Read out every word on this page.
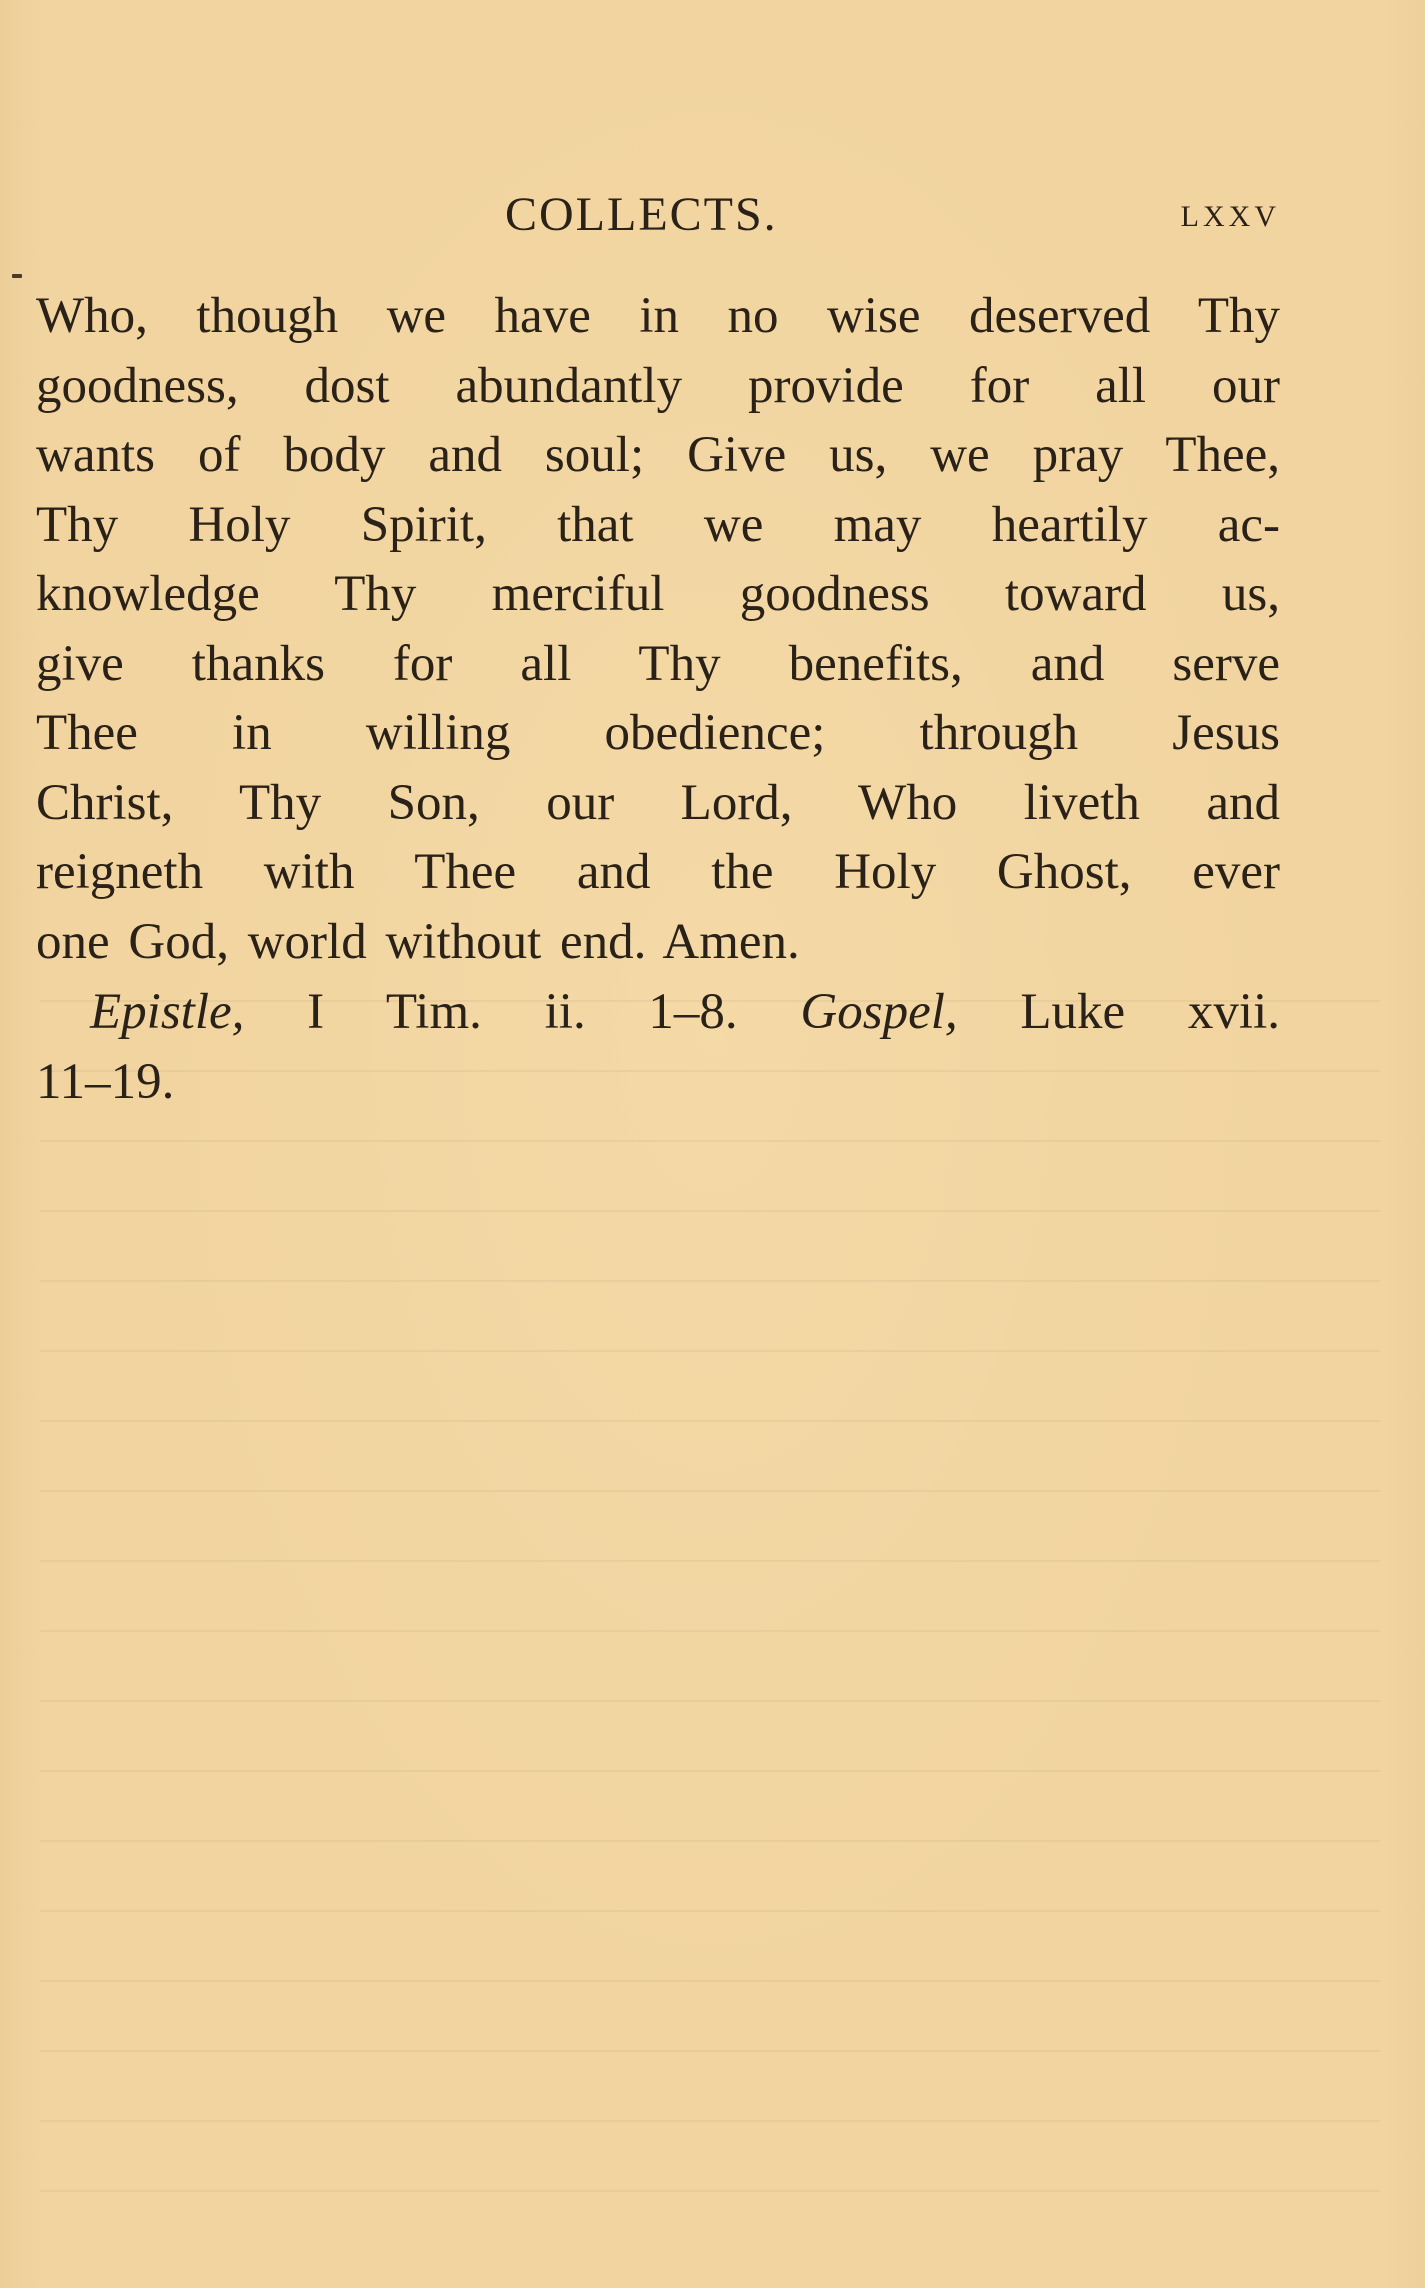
COLLECTS.	LXXV
Who, though we have in no wise deserved Thy
goodness, dost abundantly provide for all our
wants of body and soul; Give us, we pray Thee,
Thy Holy Spirit, that we may heartily ac-
knowledge Thy merciful goodness toward us,
give thanks for all Thy benefits, and serve
Thee in willing obedience; through Jesus
Christ, Thy Son, our Lord, Who liveth and
reigneth with Thee and the Holy Ghost, ever
one God, world without end. Amen.
Epistle, I Tim. ii. 1–8. Gospel, Luke xvii.
11–19.
